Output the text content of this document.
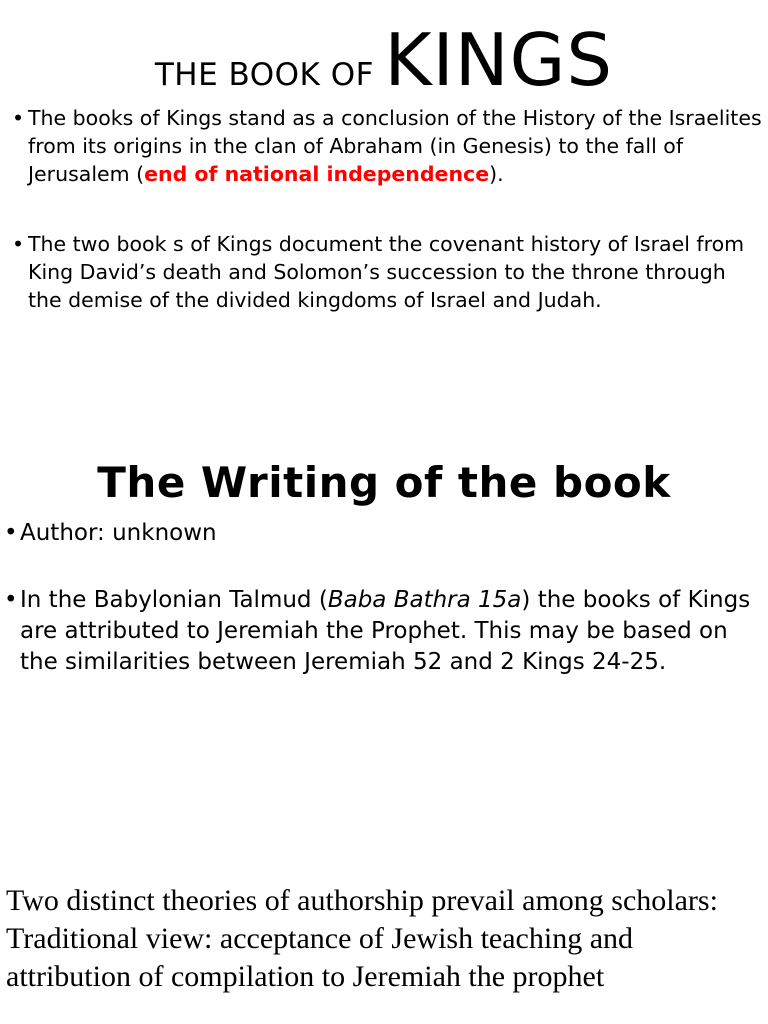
THE BOOK OF KINGS
• The books of Kings stand as a conclusion of the History of the Israelites from its origins in the clan of Abraham (in Genesis) to the fall of Jerusalem (end of national independence).
• The two book s of Kings document the covenant history of Israel from King David’s death and Solomon’s succession to the throne through the demise of the divided kingdoms of Israel and Judah.
The Writing of the book
• Author: unknown
• In the Babylonian Talmud (Baba Bathra 15a) the books of Kings are attributed to Jeremiah the Prophet. This may be based on the similarities between Jeremiah 52 and 2 Kings 24-25.

Two distinct theories of authorship prevail among scholars:

Traditional view: acceptance of Jewish teaching and attribution of compilation to Jeremiah the prophet
